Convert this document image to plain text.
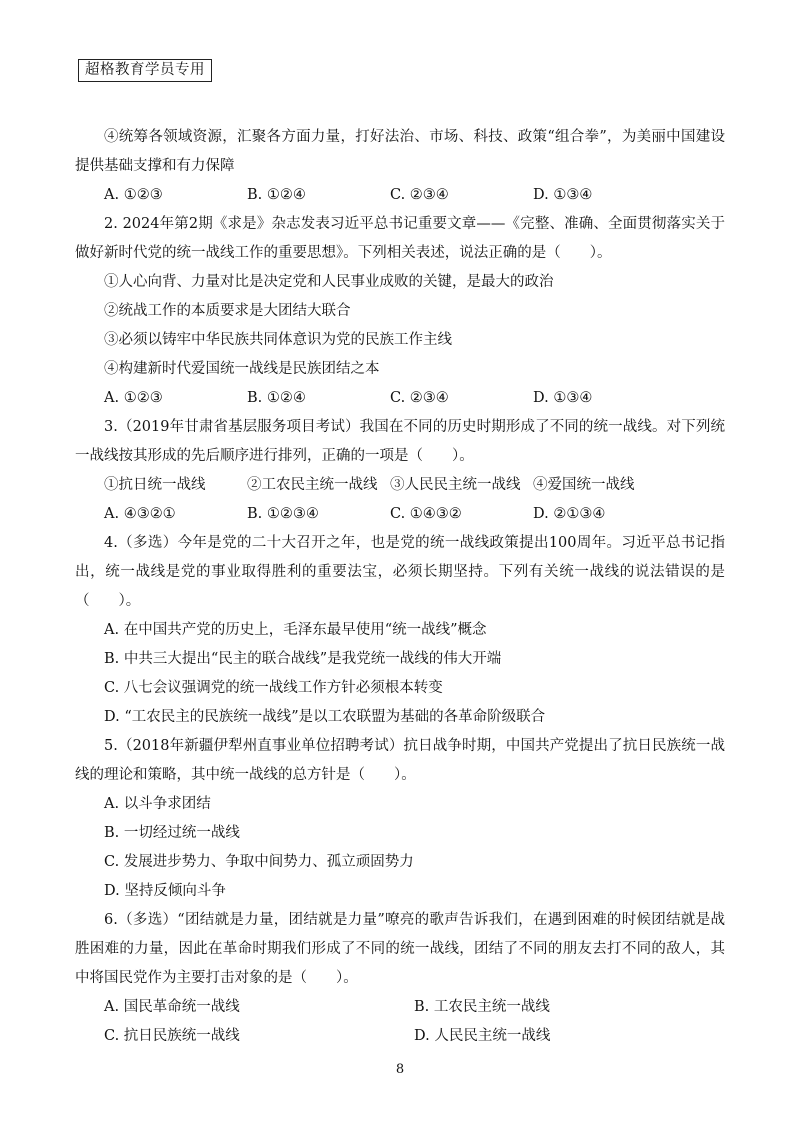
超格教育学员专用

④统筹各领域资源，汇聚各方面力量，打好法治、市场、科技、政策“组合拳”，为美丽中国建设提供基础支撑和有力保障

A. ①②③	B. ①②④	C. ②③④	D. ①③④

2. 2024年第2期《求是》杂志发表习近平总书记重要文章——《完整、准确、全面贯彻落实关于做好新时代党的统一战线工作的重要思想》。下列相关表述，说法正确的是（　　）。

①人心向背、力量对比是决定党和人民事业成败的关键，是最大的政治

②统战工作的本质要求是大团结大联合

③必须以铸牢中华民族共同体意识为党的民族工作主线

④构建新时代爱国统一战线是民族团结之本

A. ①②③	B. ①②④	C. ②③④	D. ①③④

3.（2019年甘肃省基层服务项目考试）我国在不同的历史时期形成了不同的统一战线。对下列统一战线按其形成的先后顺序进行排列，正确的一项是（　　）。

①抗日统一战线	②工农民主统一战线 ③人民民主统一战线 ④爱国统一战线
A. ④③②①	B. ①②③④	C. ①④③②	D. ②①③④

4.（多选）今年是党的二十大召开之年，也是党的统一战线政策提出100周年。习近平总书记指出，统一战线是党的事业取得胜利的重要法宝，必须长期坚持。下列有关统一战线的说法错误的是（　　）。

A. 在中国共产党的历史上，毛泽东最早使用“统一战线”概念

B. 中共三大提出“民主的联合战线”是我党统一战线的伟大开端

C. 八七会议强调党的统一战线工作方针必须根本转变

D. “工农民主的民族统一战线”是以工农联盟为基础的各革命阶级联合

5.（2018年新疆伊犁州直事业单位招聘考试）抗日战争时期，中国共产党提出了抗日民族统一战线的理论和策略，其中统一战线的总方针是（　　）。

A. 以斗争求团结

B. 一切经过统一战线

C. 发展进步势力、争取中间势力、孤立顽固势力

D. 坚持反倾向斗争

6.（多选）“团结就是力量，团结就是力量”嘹亮的歌声告诉我们，在遇到困难的时候团结就是战胜困难的力量，因此在革命时期我们形成了不同的统一战线，团结了不同的朋友去打不同的敌人，其中将国民党作为主要打击对象的是（　　）。

A. 国民革命统一战线	B. 工农民主统一战线
C. 抗日民族统一战线	D. 人民民主统一战线
8
